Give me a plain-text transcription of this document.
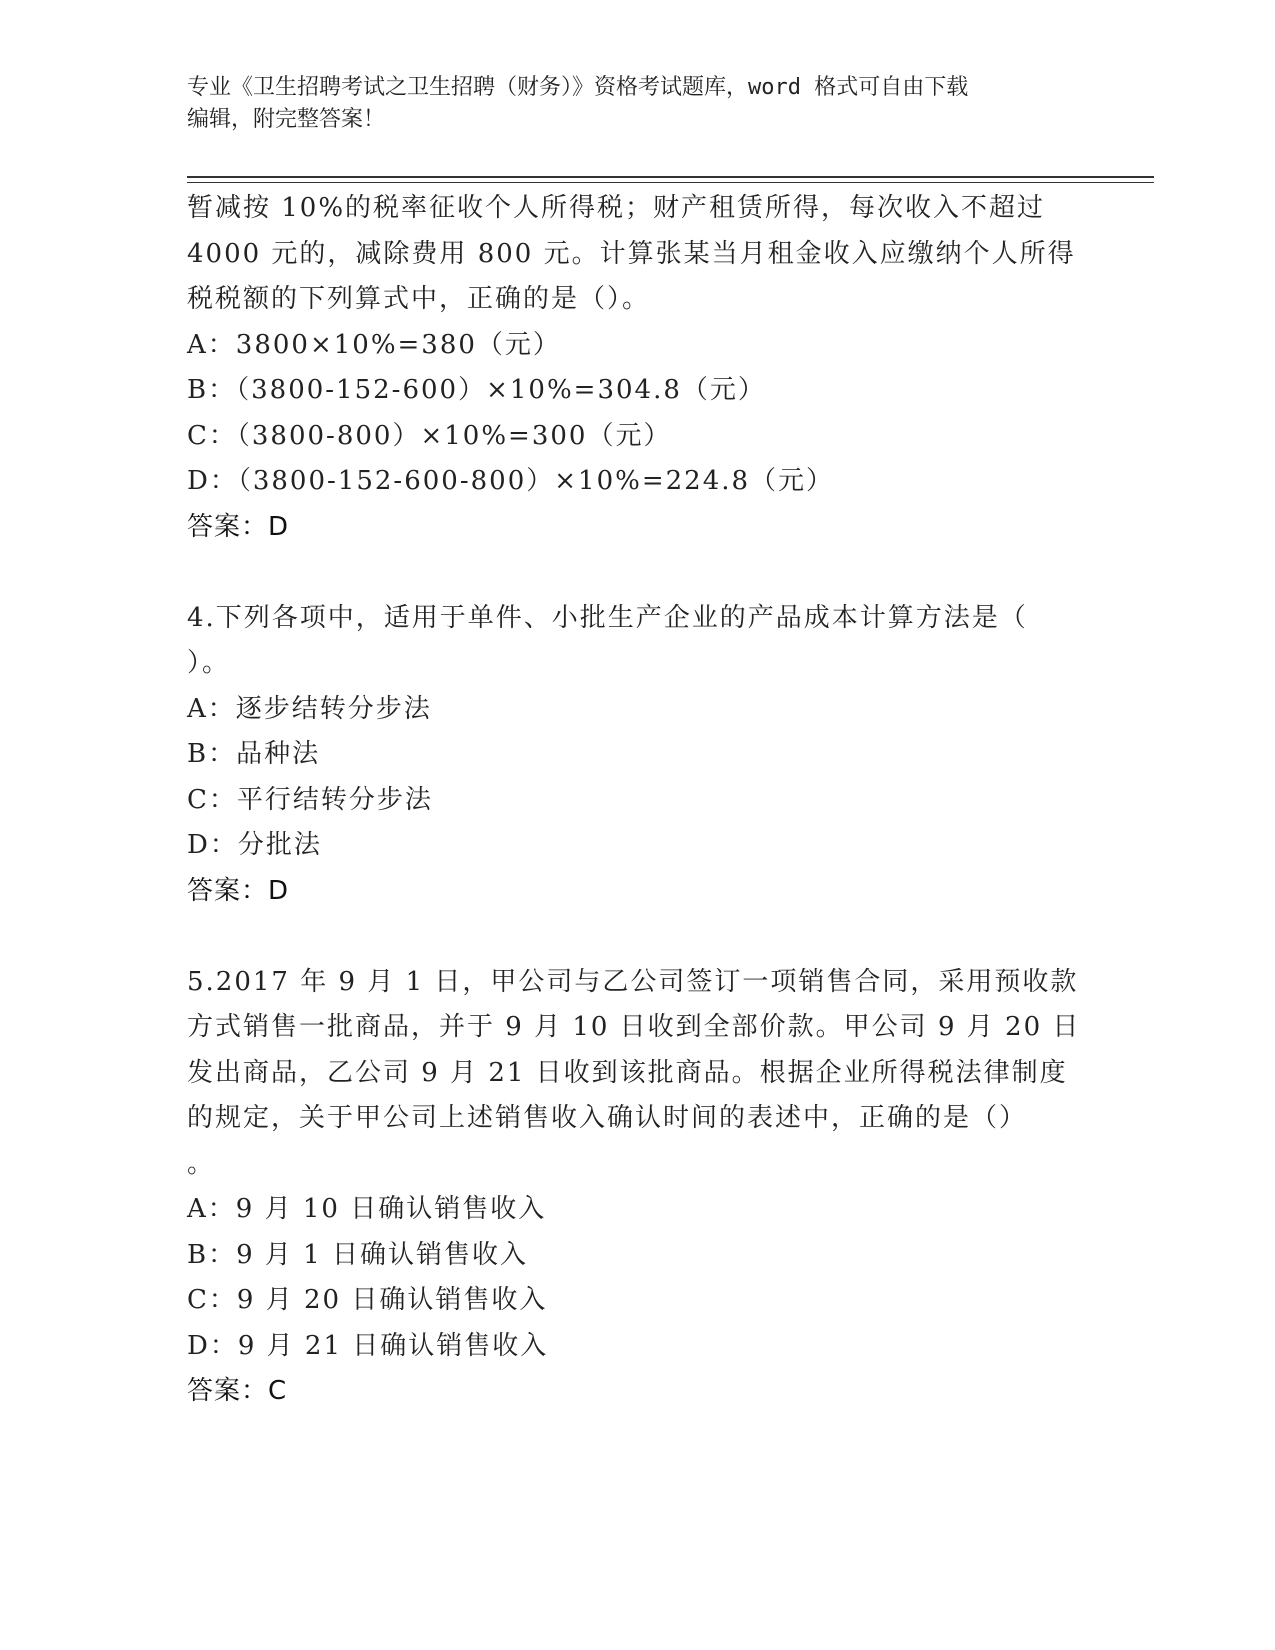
专业《卫生招聘考试之卫生招聘（财务）》资格考试题库，word 格式可自由下载
编辑，附完整答案！
暂减按 10%的税率征收个人所得税；财产租赁所得，每次收入不超过
4000 元的，减除费用 800 元。计算张某当月租金收入应缴纳个人所得
税税额的下列算式中，正确的是（）。
A：3800×10%=380（元）
B：（3800-152-600）×10%=304.8（元）
C：（3800-800）×10%=300（元）
D：（3800-152-600-800）×10%=224.8（元）
答案：D
4.下列各项中，适用于单件、小批生产企业的产品成本计算方法是（
）。
A：逐步结转分步法
B：品种法
C：平行结转分步法
D：分批法
答案：D
5.2017 年 9 月 1 日，甲公司与乙公司签订一项销售合同，采用预收款
方式销售一批商品，并于 9 月 10 日收到全部价款。甲公司 9 月 20 日
发出商品，乙公司 9 月 21 日收到该批商品。根据企业所得税法律制度
的规定，关于甲公司上述销售收入确认时间的表述中，正确的是（）
。
A：9 月 10 日确认销售收入
B：9 月 1 日确认销售收入
C：9 月 20 日确认销售收入
D：9 月 21 日确认销售收入
答案：C
